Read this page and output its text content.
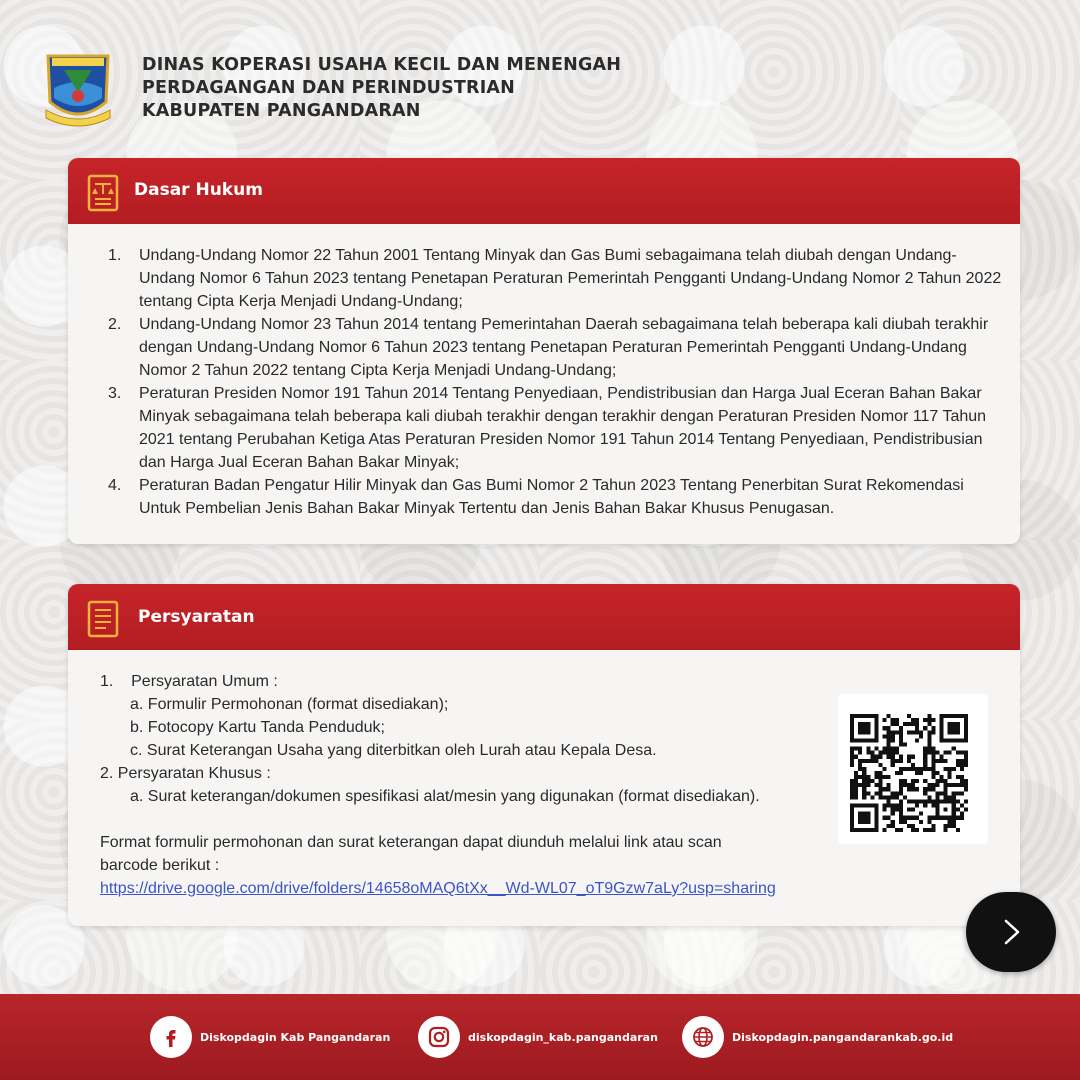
DINAS KOPERASI USAHA KECIL DAN MENENGAH
PERDAGANGAN DAN PERINDUSTRIAN
KABUPATEN PANGANDARAN
Dasar Hukum
1. Undang-Undang Nomor 22 Tahun 2001 Tentang Minyak dan Gas Bumi sebagaimana telah diubah dengan Undang-Undang Nomor 6 Tahun 2023 tentang Penetapan Peraturan Pemerintah Pengganti Undang-Undang Nomor 2 Tahun 2022 tentang Cipta Kerja Menjadi Undang-Undang;
2. Undang-Undang Nomor 23 Tahun 2014 tentang Pemerintahan Daerah sebagaimana telah beberapa kali diubah terakhir dengan Undang-Undang Nomor 6 Tahun 2023 tentang Penetapan Peraturan Pemerintah Pengganti Undang-Undang Nomor 2 Tahun 2022 tentang Cipta Kerja Menjadi Undang-Undang;
3. Peraturan Presiden Nomor 191 Tahun 2014 Tentang Penyediaan, Pendistribusian dan Harga Jual Eceran Bahan Bakar Minyak sebagaimana telah beberapa kali diubah terakhir dengan terakhir dengan Peraturan Presiden Nomor 117 Tahun 2021 tentang Perubahan Ketiga Atas Peraturan Presiden Nomor 191 Tahun 2014 Tentang Penyediaan, Pendistribusian dan Harga Jual Eceran Bahan Bakar Minyak;
4. Peraturan Badan Pengatur Hilir Minyak dan Gas Bumi Nomor 2 Tahun 2023 Tentang Penerbitan Surat Rekomendasi Untuk Pembelian Jenis Bahan Bakar Minyak Tertentu dan Jenis Bahan Bakar Khusus Penugasan.
Persyaratan
1. Persyaratan Umum :
a. Formulir Permohonan (format disediakan);
b. Fotocopy Kartu Tanda Penduduk;
c. Surat Keterangan Usaha yang diterbitkan oleh Lurah atau Kepala Desa.
2. Persyaratan Khusus :
a. Surat keterangan/dokumen spesifikasi alat/mesin yang digunakan (format disediakan).
Format formulir permohonan dan surat keterangan dapat diunduh melalui link atau scan
barcode berikut :
https://drive.google.com/drive/folders/14658oMAQ6tXx__Wd-WL07_oT9Gzw7aLy?usp=sharing
Diskopdagin Kab Pangandaran	diskopdagin_kab.pangandaran	Diskopdagin.pangandarankab.go.id
